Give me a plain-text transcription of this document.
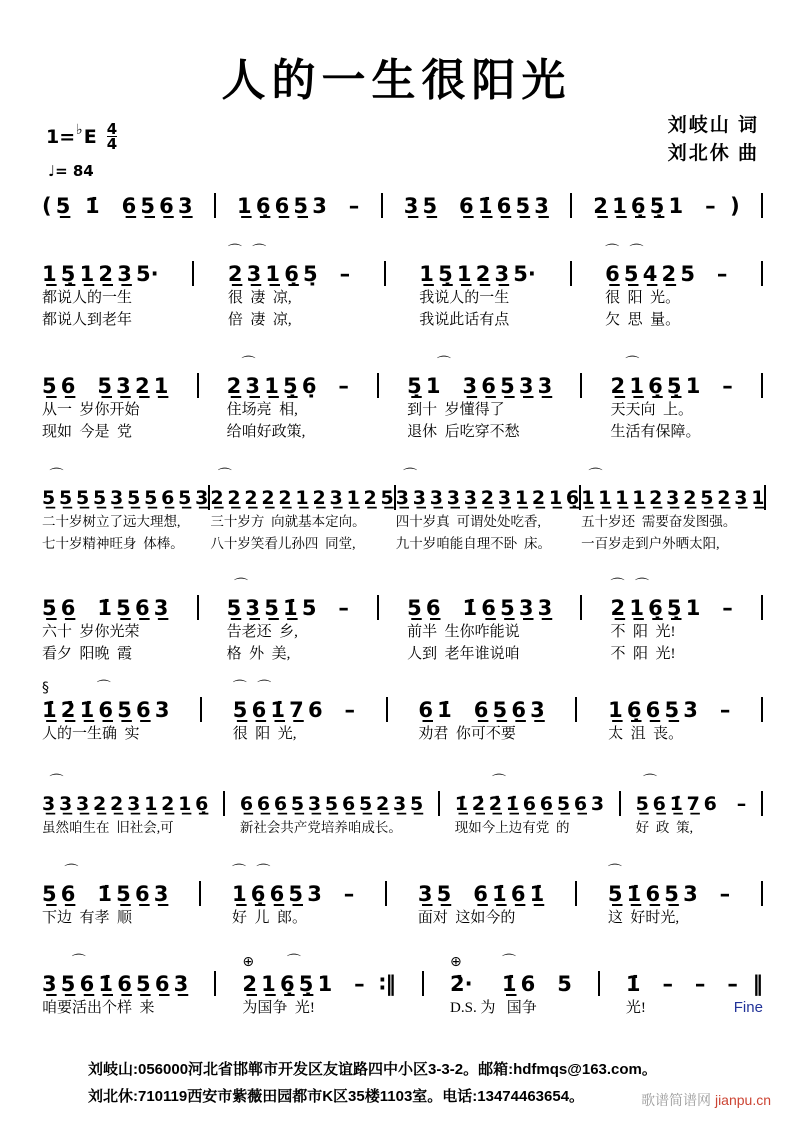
人的一生很阳光
1= ♭ E $\frac{4}{4}$
♩= 84
刘岐山 词
刘北休 曲

( 5̲  1̇   6̲ 5̲ 6̲ 3̲
1̲ 6̲̣ 6̲ 5̲ 3   –
3̲ 5̲   6̲ 1̲̇ 6̲ 5̲ 3̲
2̲ 1̲ 6̲̣ 5̲̣ 1   –  )

1̲ 5̲̣ 1̲ 2̲ 3̲ 5·
都说人的一生
都说人到老年
⌒ ⌒
2̲ 3̲ 1̲ 6̲̣ 5̣   –
很  凄  凉,
倍  凄  凉,

1̲ 5̲̣ 1̲ 2̲ 3̲ 5·
我说人的一生
我说此话有点
⌒ ⌒
6̲ 5̲ 4̲ 2̲ 5   –
很  阳  光。
欠  思  量。

5̲ 6̲   5̲ 3̲ 2̲ 1̲
从一  岁你开始
现如  今是  党
⌒
2̲ 3̲ 1̲ 5̲̣ 6̣   –
住场亮  相,
给咱好政策,
⌒
5̲̣ 1   3̲ 6̲ 5̲ 3̲ 3̲
到十  岁懂得了
退休  后吃穿不愁
⌒
2̲ 1̲ 6̲̣ 5̲̣ 1   –
天天向  上。
生活有保障。
⌒
5̲ 5̲ 5̲ 5̲ 3̲ 5̲ 5̲ 6̲ 5̲ 3̲
二十岁树立了远大理想,
七十岁精神旺身  体棒。
⌒
2̲ 2̲ 2̲ 2̲ 2̲ 1̲ 2̲ 3̲ 1̲ 2̲ 5̲
三十岁方  向就基本定向。
八十岁笑看儿孙四  同堂,
⌒
3̲ 3̲ 3̲ 3̲ 3̲ 2̲ 3̲ 1̲ 2̲ 1̲ 6̲̣
四十岁真  可谓处处吃香,
九十岁咱能自理不卧  床。
⌒
1̲ 1̲ 1̲ 1̲ 2̲ 3̲ 2̲ 5̲ 2̲ 3̲ 1̲
五十岁还  需要奋发图强。
一百岁走到户外晒太阳,

5̲ 6̲   1̇ 5̲ 6̲ 3̲
六十  岁你光荣
看夕  阳晚  霞
⌒
5̲ 3̲ 5̲ 1̲̇ 5   –
告老还  乡,
格  外  美,

5̲ 6̲   1̇ 6̲ 5̲ 3̲ 3̲
前半  生你咋能说
人到  老年谁说咱
⌒ ⌒
2̲ 1̲ 6̲̣ 5̲̣ 1   –
不  阳  光!
不  阳  光!
§      ⌒
1̲̇ 2̲̇ 1̲̇ 6̲ 5̲ 6̲ 3
人的一生确  实
⌒ ⌒
5̲ 6̲ 1̲̇ 7̲ 6   –
很  阳  光,

6̲ 1̇   6̲ 5̲ 6̲ 3̲
劝君  你可不要

1̲ 6̲̣ 6̲ 5̲ 3   –
太  沮  丧。
⌒
3̲ 3̲ 3̲ 2̲ 2̲ 3̲ 1̲ 2̲ 1̲ 6̲̣
虽然咱生在  旧社会,可

6̲ 6̲ 6̲ 5̲ 3̲ 5̲ 6̲ 5̲ 2̲ 3̲ 5̲
新社会共产党培养咱成长。
⌒
1̲̇ 2̲̇ 2̲̇ 1̲̇ 6̲ 6̲ 5̲ 6̲ 3
现如今上边有党  的
⌒
5̲ 6̲ 1̲̇ 7̲ 6   –
好  政  策,
⌒
5̲ 6̲   1̇ 5̲ 6̲ 3̲
下边  有孝  顺
⌒ ⌒
1̲ 6̲̣ 6̲ 5̲ 3   –
好  儿  郎。

3̲ 5̲   6̲ 1̲̇ 6̲ 1̲̇
面对  这如今的
⌒
5̲ 1̲̇ 6̲ 5̲ 3   –
这  好时光,
⌒
3̲ 5̲ 6̲ 1̲̇ 6̲ 5̲ 6̲ 3̲
咱要活出个样  来
⊕    ⌒
2̲ 1̲ 6̲̣ 5̲̣ 1   –  ∶‖
为国争  光!
⊕     ⌒
2̇·    1̲̇ 6   5
D.S. 为   国争

1̇   –   –   –  ‖
光!	Fine
刘岐山:056000河北省邯郸市开发区友谊路四中小区3-3-2。邮箱:hdfmqs@163.com。
刘北休:710119西安市紫薇田园都市K区35楼1103室。电话:13474463654。	歌谱简谱网 jianpu.cn
